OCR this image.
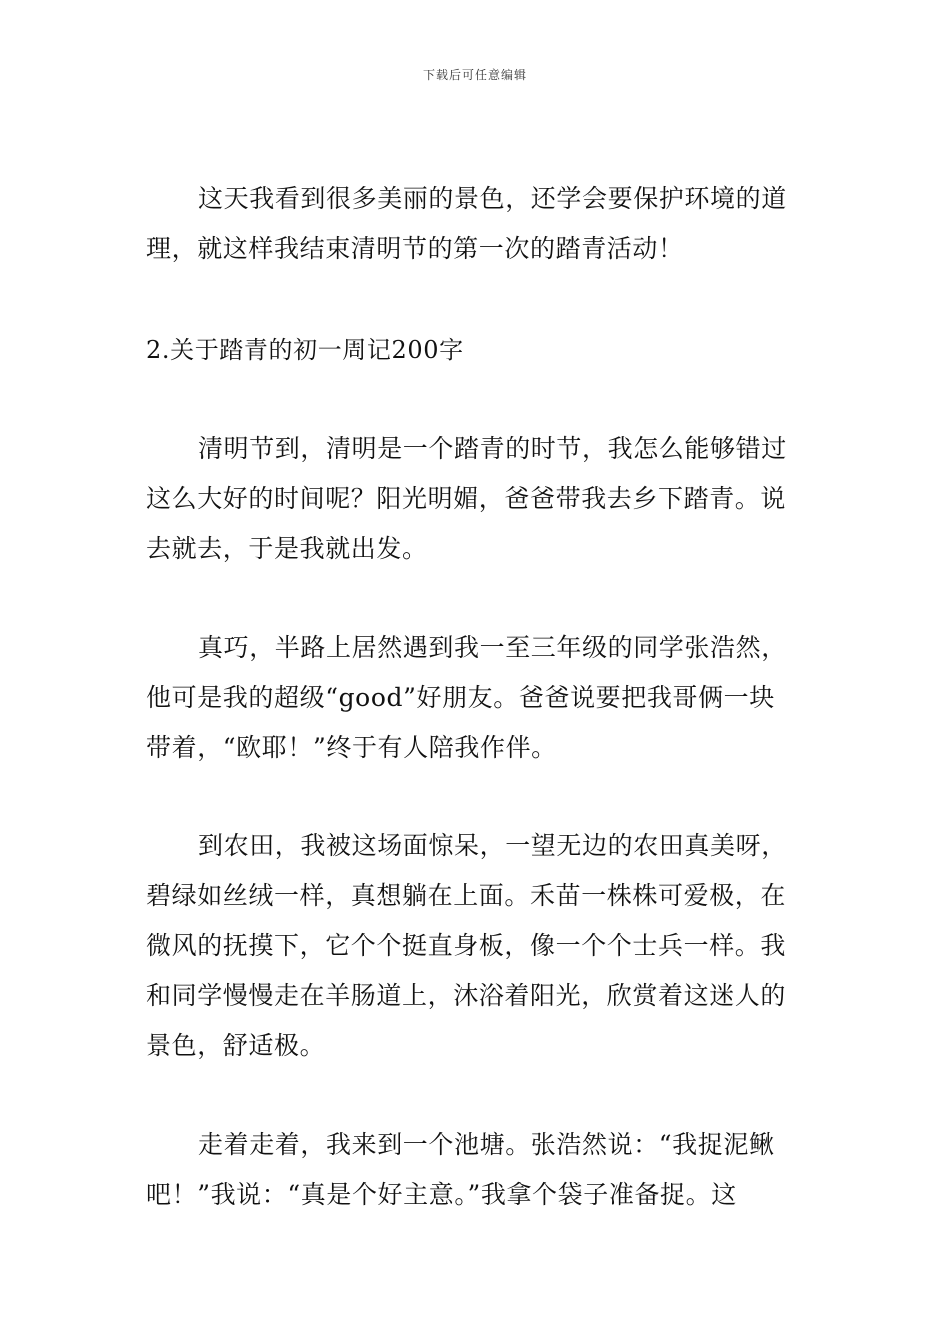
下载后可任意编辑
这天我看到很多美丽的景色，还学会要保护环境的道
理，就这样我结束清明节的第一次的踏青活动！
2.关于踏青的初一周记200字
清明节到，清明是一个踏青的时节，我怎么能够错过
这么大好的时间呢？阳光明媚，爸爸带我去乡下踏青。说
去就去，于是我就出发。
真巧，半路上居然遇到我一至三年级的同学张浩然，
他可是我的超级“good”好朋友。爸爸说要把我哥俩一块
带着，“欧耶！”终于有人陪我作伴。
到农田，我被这场面惊呆，一望无边的农田真美呀，
碧绿如丝绒一样，真想躺在上面。禾苗一株株可爱极，在
微风的抚摸下，它个个挺直身板，像一个个士兵一样。我
和同学慢慢走在羊肠道上，沐浴着阳光，欣赏着这迷人的
景色，舒适极。
走着走着，我来到一个池塘。张浩然说：“我捉泥鳅
吧！”我说：“真是个好主意。”我拿个袋子准备捉。这
